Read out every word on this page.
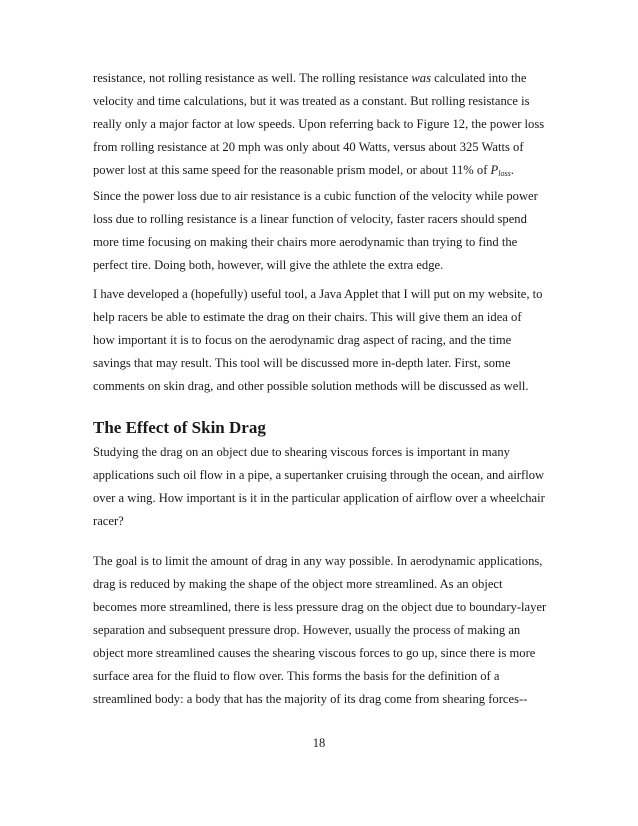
resistance, not rolling resistance as well. The rolling resistance was calculated into the
velocity and time calculations, but it was treated as a constant. But rolling resistance is
really only a major factor at low speeds. Upon referring back to Figure 12, the power loss
from rolling resistance at 20 mph was only about 40 Watts, versus about 325 Watts of
power lost at this same speed for the reasonable prism model, or about 11% of $P_{loss}$.
Since the power loss due to air resistance is a cubic function of the velocity while power
loss due to rolling resistance is a linear function of velocity, faster racers should spend
more time focusing on making their chairs more aerodynamic than trying to find the
perfect tire. Doing both, however, will give the athlete the extra edge.

I have developed a (hopefully) useful tool, a Java Applet that I will put on my website, to
help racers be able to estimate the drag on their chairs. This will give them an idea of
how important it is to focus on the aerodynamic drag aspect of racing, and the time
savings that may result. This tool will be discussed more in-depth later. First, some
comments on skin drag, and other possible solution methods will be discussed as well.

The Effect of Skin Drag

Studying the drag on an object due to shearing viscous forces is important in many
applications such oil flow in a pipe, a supertanker cruising through the ocean, and airflow
over a wing. How important is it in the particular application of airflow over a wheelchair
racer?

The goal is to limit the amount of drag in any way possible. In aerodynamic applications,
drag is reduced by making the shape of the object more streamlined. As an object
becomes more streamlined, there is less pressure drag on the object due to boundary-layer
separation and subsequent pressure drop. However, usually the process of making an
object more streamlined causes the shearing viscous forces to go up, since there is more
surface area for the fluid to flow over. This forms the basis for the definition of a
streamlined body: a body that has the majority of its drag come from shearing forces--

18
